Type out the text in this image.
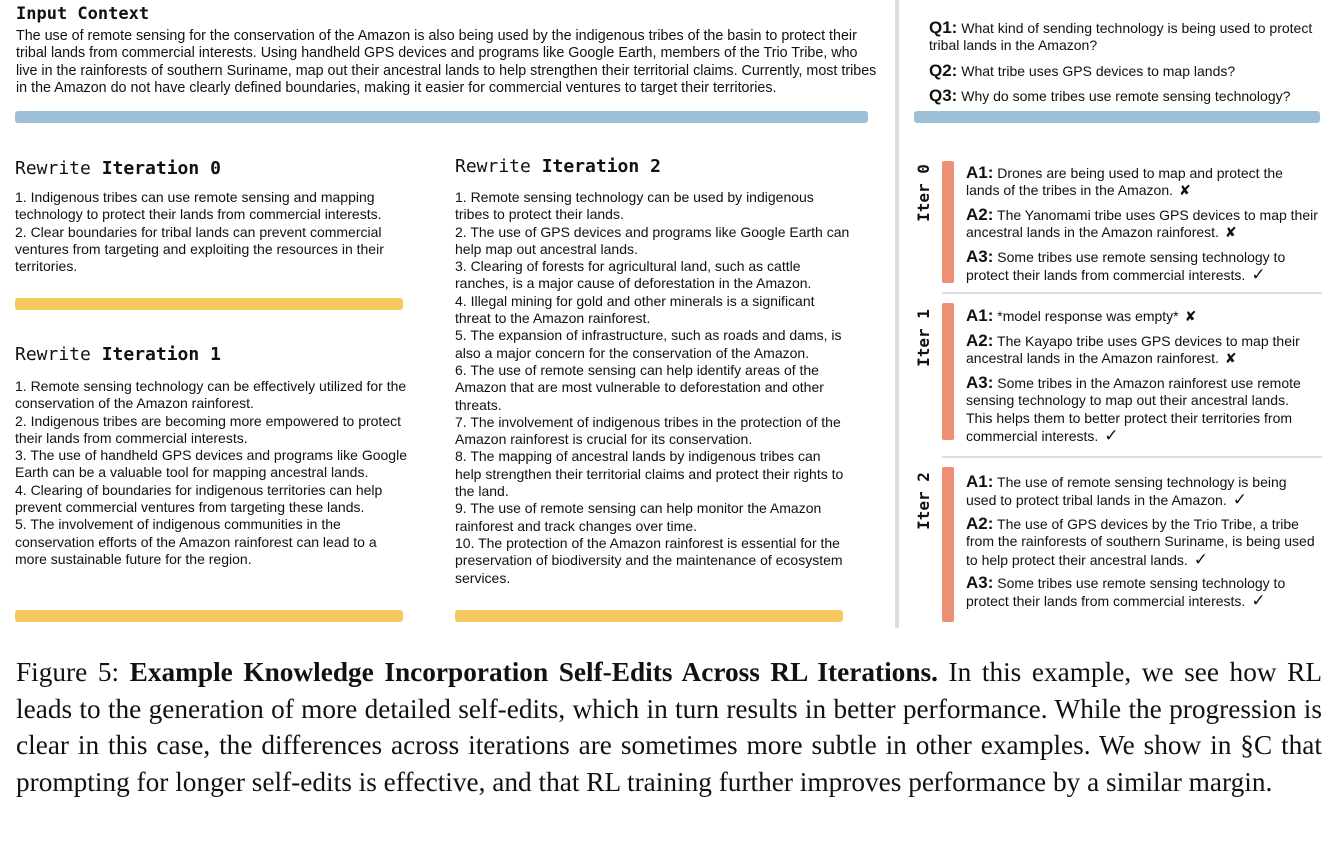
Input Context
The use of remote sensing for the conservation of the Amazon is also being used by the indigenous tribes of the basin to protect their tribal lands from commercial interests. Using handheld GPS devices and programs like Google Earth, members of the Trio Tribe, who live in the rainforests of southern Suriname, map out their ancestral lands to help strengthen their territorial claims. Currently, most tribes in the Amazon do not have clearly defined boundaries, making it easier for commercial ventures to target their territories.
Rewrite Iteration 0
1. Indigenous tribes can use remote sensing and mapping technology to protect their lands from commercial interests.
2. Clear boundaries for tribal lands can prevent commercial ventures from targeting and exploiting the resources in their territories.
Rewrite Iteration 1
1. Remote sensing technology can be effectively utilized for the conservation of the Amazon rainforest.
2. Indigenous tribes are becoming more empowered to protect their lands from commercial interests.
3. The use of handheld GPS devices and programs like Google Earth can be a valuable tool for mapping ancestral lands.
4. Clearing of boundaries for indigenous territories can help prevent commercial ventures from targeting these lands.
5. The involvement of indigenous communities in the conservation efforts of the Amazon rainforest can lead to a more sustainable future for the region.
Rewrite Iteration 2
1. Remote sensing technology can be used by indigenous tribes to protect their lands.
2. The use of GPS devices and programs like Google Earth can help map out ancestral lands.
3. Clearing of forests for agricultural land, such as cattle ranches, is a major cause of deforestation in the Amazon.
4. Illegal mining for gold and other minerals is a significant threat to the Amazon rainforest.
5. The expansion of infrastructure, such as roads and dams, is also a major concern for the conservation of the Amazon.
6. The use of remote sensing can help identify areas of the Amazon that are most vulnerable to deforestation and other threats.
7. The involvement of indigenous tribes in the protection of the Amazon rainforest is crucial for its conservation.
8. The mapping of ancestral lands by indigenous tribes can help strengthen their territorial claims and protect their rights to the land.
9. The use of remote sensing can help monitor the Amazon rainforest and track changes over time.
10. The protection of the Amazon rainforest is essential for the preservation of biodiversity and the maintenance of ecosystem services.
Q1: What kind of sending technology is being used to protect tribal lands in the Amazon?
Q2: What tribe uses GPS devices to map lands?
Q3: Why do some tribes use remote sensing technology?
Iter 0 A1: Drones are being used to map and protect the lands of the tribes in the Amazon. ✘
A2: The Yanomami tribe uses GPS devices to map their ancestral lands in the Amazon rainforest. ✘
A3: Some tribes use remote sensing technology to protect their lands from commercial interests. ✓
Iter 1 A1: *model response was empty* ✘
A2: The Kayapo tribe uses GPS devices to map their ancestral lands in the Amazon rainforest. ✘
A3: Some tribes in the Amazon rainforest use remote sensing technology to map out their ancestral lands. This helps them to better protect their territories from commercial interests. ✓
Iter 2 A1: The use of remote sensing technology is being used to protect tribal lands in the Amazon. ✓
A2: The use of GPS devices by the Trio Tribe, a tribe from the rainforests of southern Suriname, is being used to help protect their ancestral lands. ✓
A3: Some tribes use remote sensing technology to protect their lands from commercial interests. ✓
Figure 5: Example Knowledge Incorporation Self-Edits Across RL Iterations. In this example, we see how RL leads to the generation of more detailed self-edits, which in turn results in better performance. While the progression is clear in this case, the differences across iterations are sometimes more subtle in other examples. We show in §C that prompting for longer self-edits is effective, and that RL training further improves performance by a similar margin.
